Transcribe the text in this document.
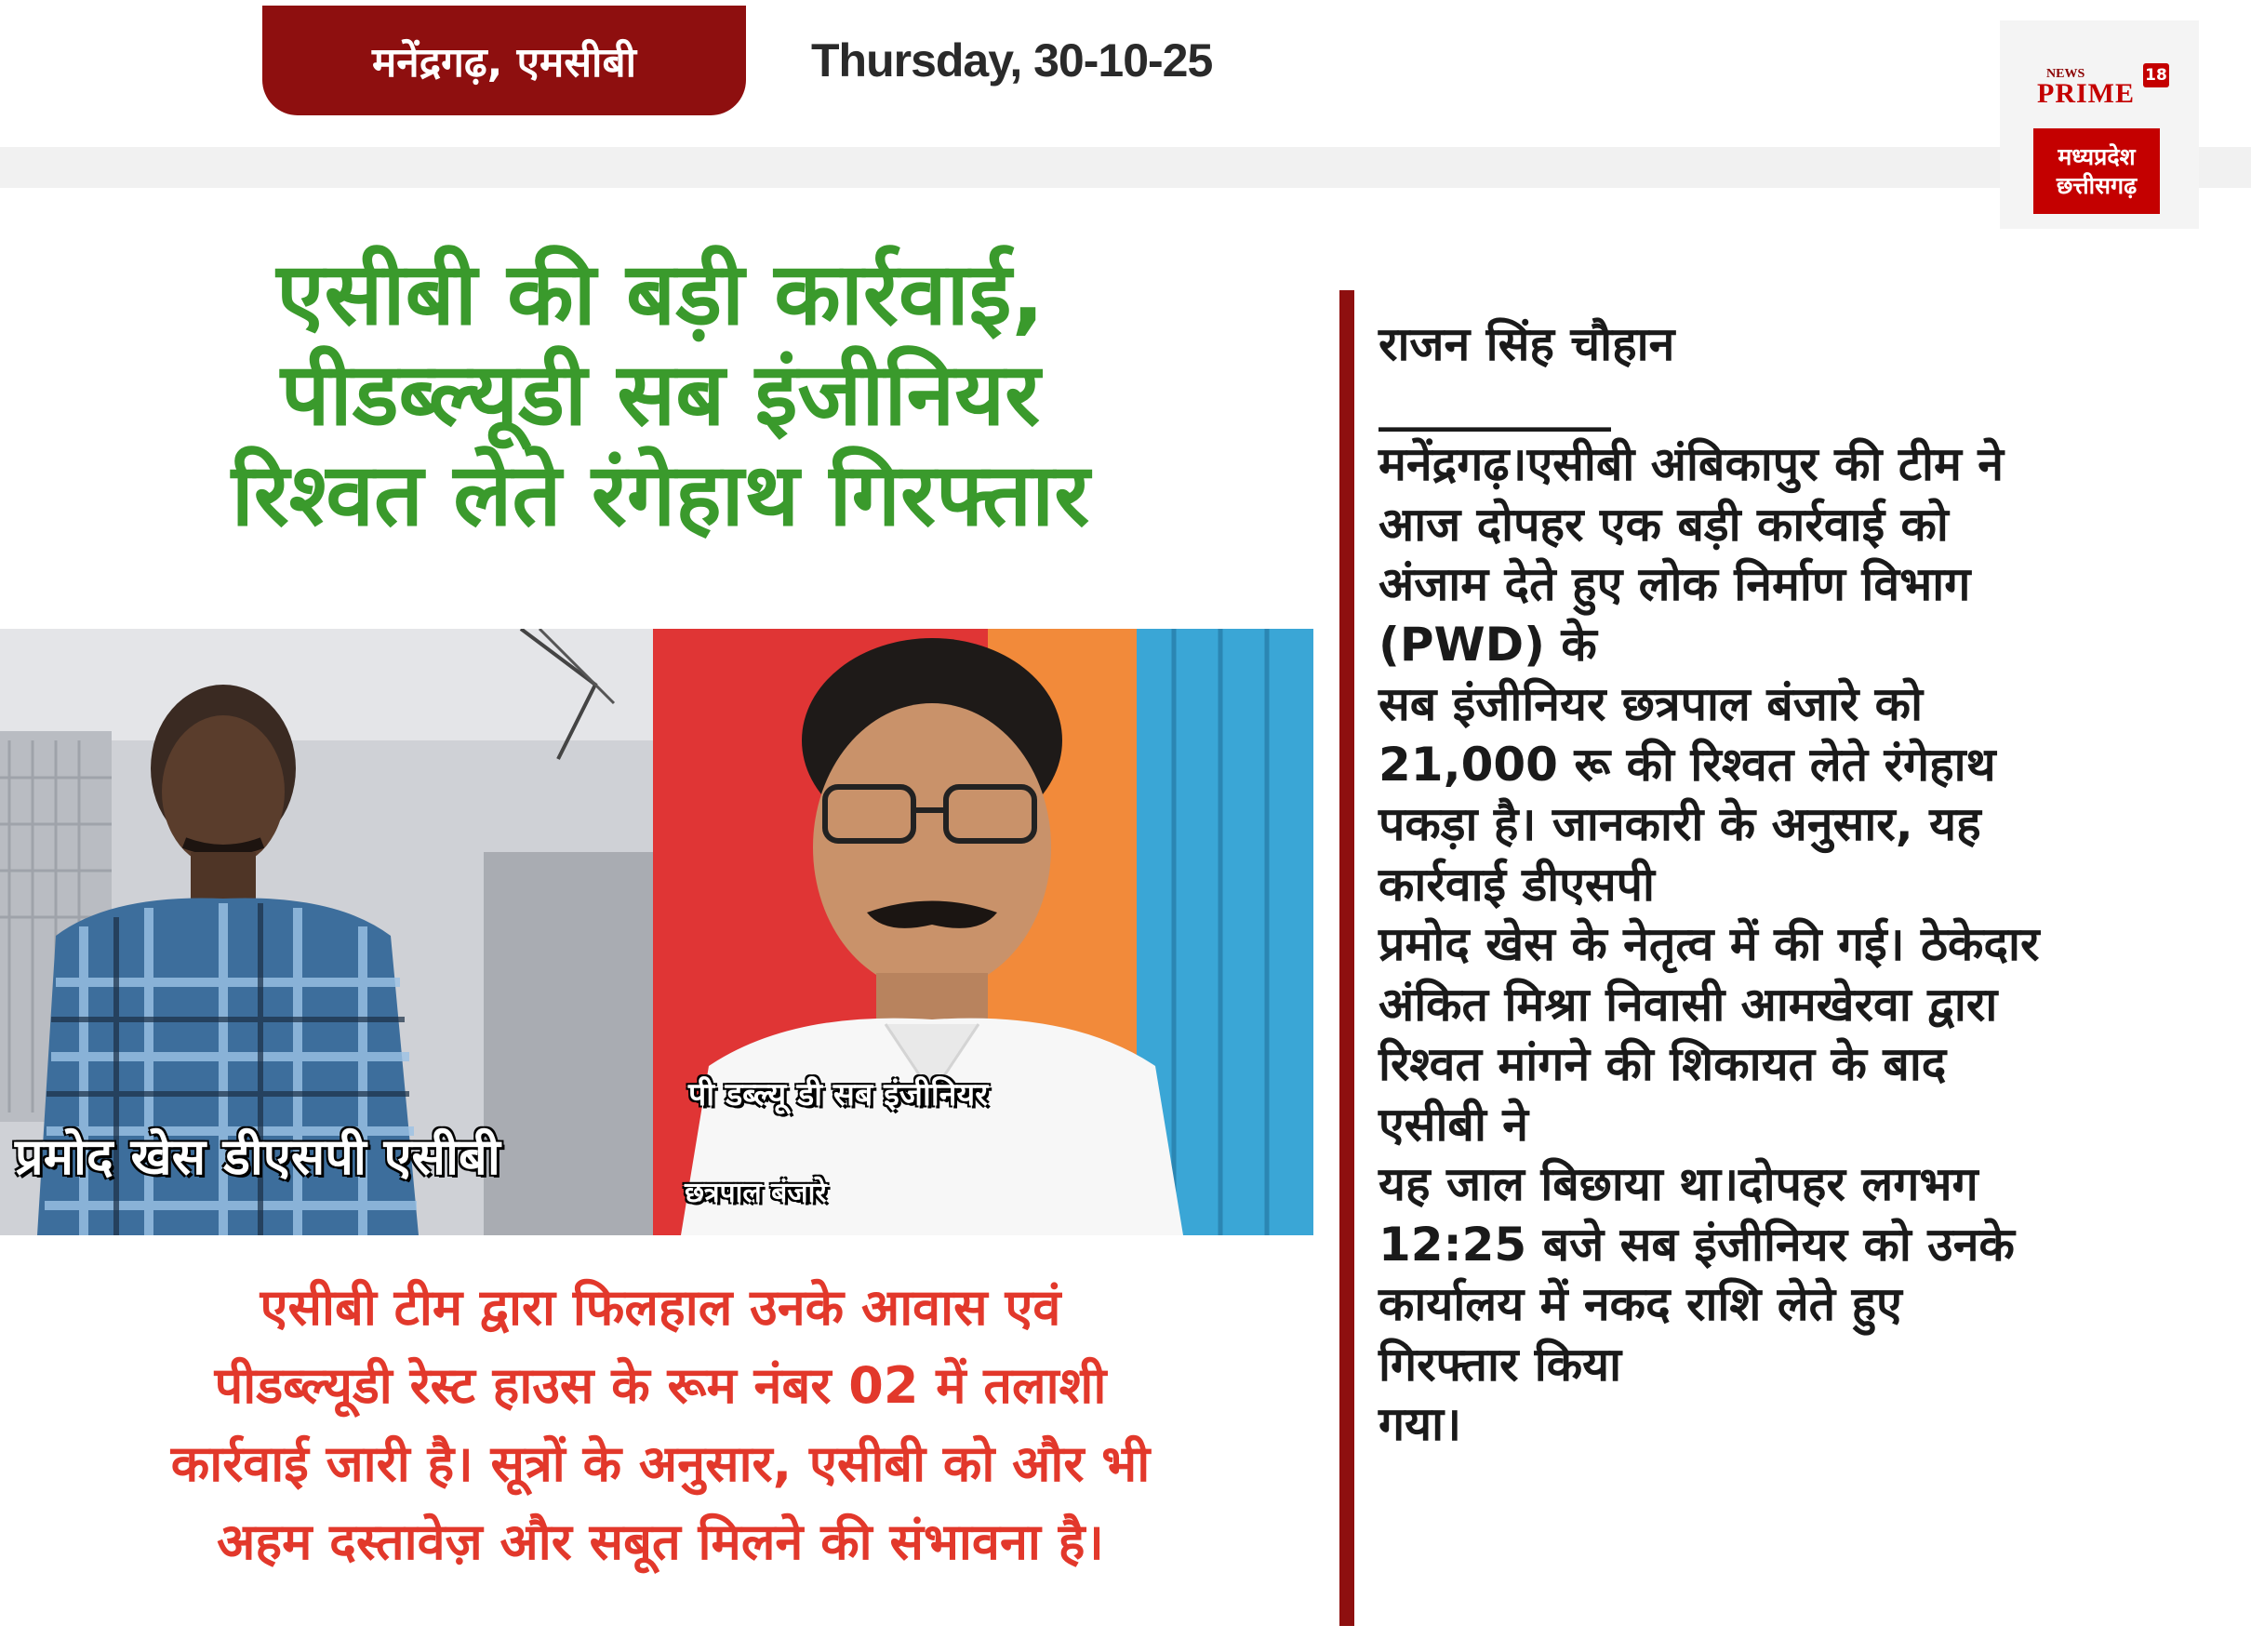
मनेंद्रगढ़, एमसीबी	Thursday, 30-10-25	NEWS
PRIME
18
मध्यप्रदेश
छत्तीसगढ़
एसीबी की बड़ी कार्रवाई,
पीडब्ल्यूडी सब इंजीनियर
रिश्वत लेते रंगेहाथ गिरफ्तार
प्रमोद खेस डीएसपी एसीबी
पी डब्ल्यू डी सब इंजीनियर
छत्रपाल बंजारे
एसीबी टीम द्वारा फिलहाल उनके आवास एवं
पीडब्ल्यूडी रेस्ट हाउस के रूम नंबर 02 में तलाशी
कार्रवाई जारी है। सूत्रों के अनुसार, एसीबी को और भी
अहम दस्तावेज़ और सबूत मिलने की संभावना है।
राजन सिंह चौहान
__________
मनेंद्रगढ़।एसीबी अंबिकापुर की टीम ने
आज दोपहर एक बड़ी कार्रवाई को
अंजाम देते हुए लोक निर्माण विभाग
(PWD) के
सब इंजीनियर छत्रपाल बंजारे को
21,000 रू की रिश्वत लेते रंगेहाथ
पकड़ा है। जानकारी के अनुसार, यह
कार्रवाई डीएसपी
प्रमोद खेस के नेतृत्व में की गई। ठेकेदार
अंकित मिश्रा निवासी आमखेरवा द्वारा
रिश्वत मांगने की शिकायत के बाद
एसीबी ने
यह जाल बिछाया था।दोपहर लगभग
12:25 बजे सब इंजीनियर को उनके
कार्यालय में नकद राशि लेते हुए
गिरफ्तार किया
गया।
